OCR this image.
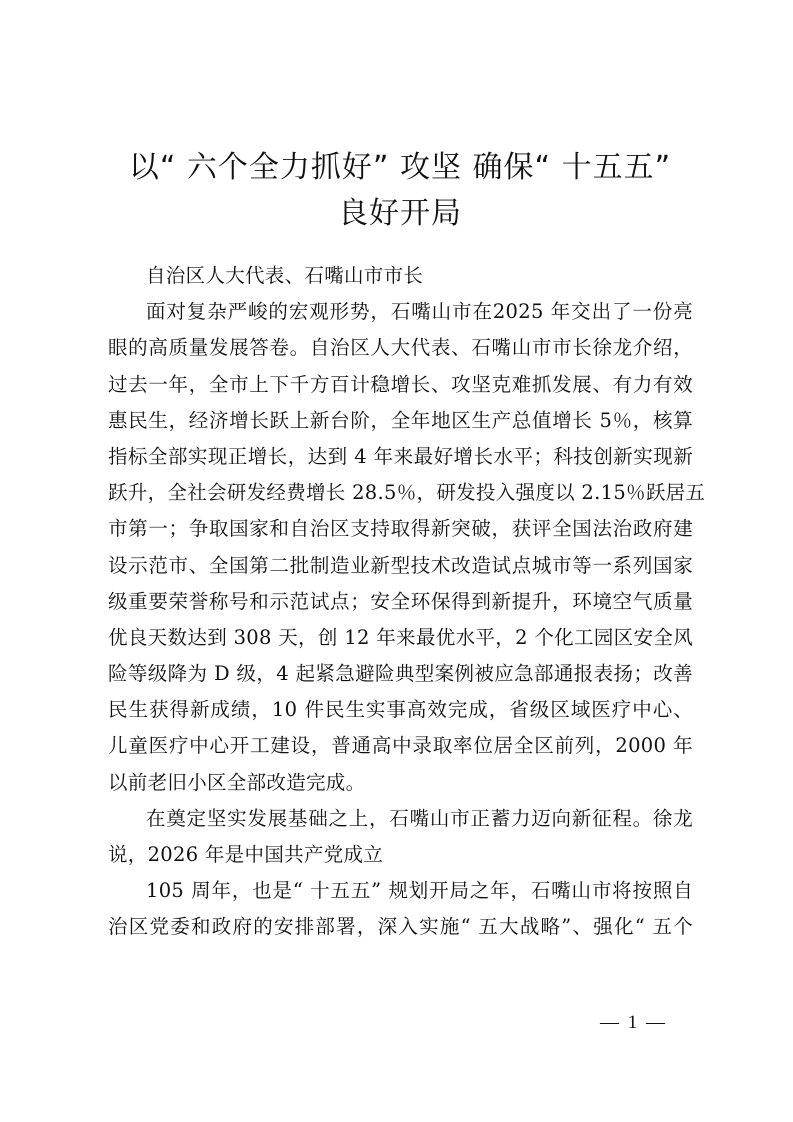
以“ 六个全力抓好” 攻坚 确保“ 十五五”
良好开局
自治区人大代表、石嘴山市市长
面对复杂严峻的宏观形势，石嘴山市在2025 年交出了一份亮
眼的高质量发展答卷。自治区人大代表、石嘴山市市长徐龙介绍，
过去一年，全市上下千方百计稳增长、攻坚克难抓发展、有力有效
惠民生，经济增长跃上新台阶，全年地区生产总值增长 5％，核算
指标全部实现正增长，达到 4 年来最好增长水平；科技创新实现新
跃升，全社会研发经费增长 28.5％，研发投入强度以 2.15％跃居五
市第一；争取国家和自治区支持取得新突破，获评全国法治政府建
设示范市、全国第二批制造业新型技术改造试点城市等一系列国家
级重要荣誉称号和示范试点；安全环保得到新提升，环境空气质量
优良天数达到 308 天，创 12 年来最优水平，2 个化工园区安全风
险等级降为 D 级，4 起紧急避险典型案例被应急部通报表扬；改善
民生获得新成绩，10 件民生实事高效完成，省级区域医疗中心、
儿童医疗中心开工建设，普通高中录取率位居全区前列，2000 年
以前老旧小区全部改造完成。
在奠定坚实发展基础之上，石嘴山市正蓄力迈向新征程。徐龙
说，2026 年是中国共产党成立
105 周年，也是“ 十五五” 规划开局之年，石嘴山市将按照自
治区党委和政府的安排部署，深入实施“ 五大战略”、强化“ 五个
— 1 —
